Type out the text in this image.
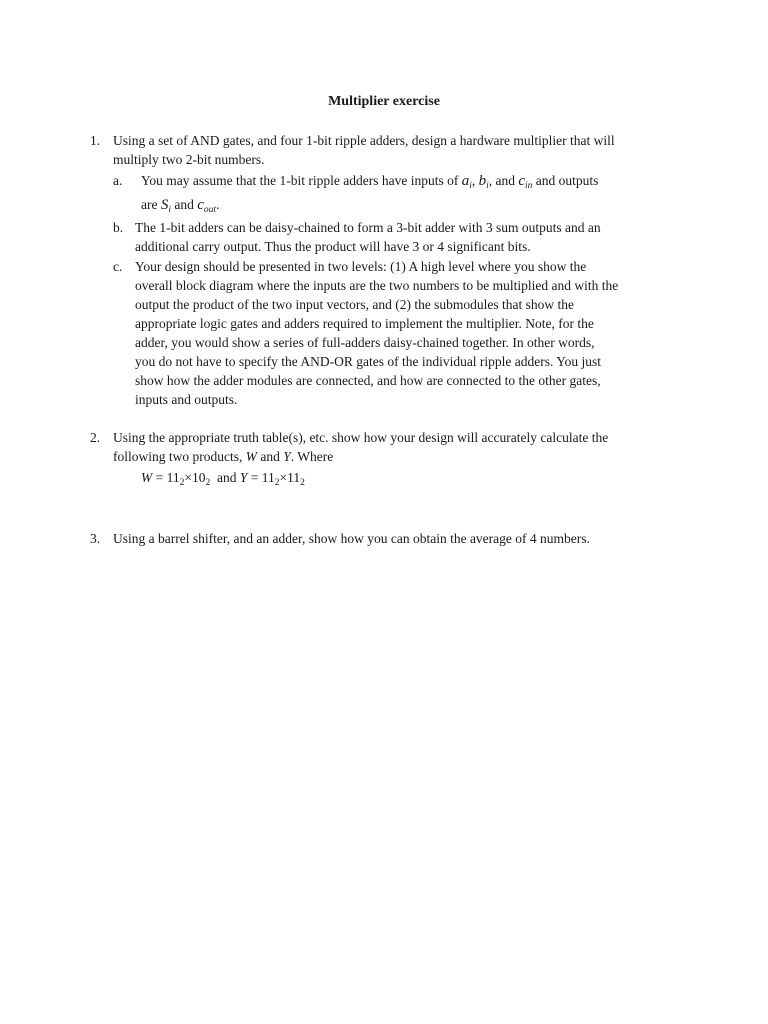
Multiplier exercise
1. Using a set of AND gates, and four 1-bit ripple adders, design a hardware multiplier that will
multiply two 2-bit numbers.
a. You may assume that the 1-bit ripple adders have inputs of $a_i$, $b_i$, and $c_{in}$ and outputs
are $S_i$ and $c_{out}$.
b. The 1-bit adders can be daisy-chained to form a 3-bit adder with 3 sum outputs and an
additional carry output. Thus the product will have 3 or 4 significant bits.
c. Your design should be presented in two levels: (1) A high level where you show the
overall block diagram where the inputs are the two numbers to be multiplied and with the
output the product of the two input vectors, and (2) the submodules that show the
appropriate logic gates and adders required to implement the multiplier. Note, for the
adder, you would show a series of full-adders daisy-chained together. In other words,
you do not have to specify the AND-OR gates of the individual ripple adders. You just
show how the adder modules are connected, and how are connected to the other gates,
inputs and outputs.
2. Using the appropriate truth table(s), etc. show how your design will accurately calculate the
following two products, W and Y. Where
$W = 11_2\times 10_2$ and $Y = 11_2\times 11_2$
3. Using a barrel shifter, and an adder, show how you can obtain the average of 4 numbers.
